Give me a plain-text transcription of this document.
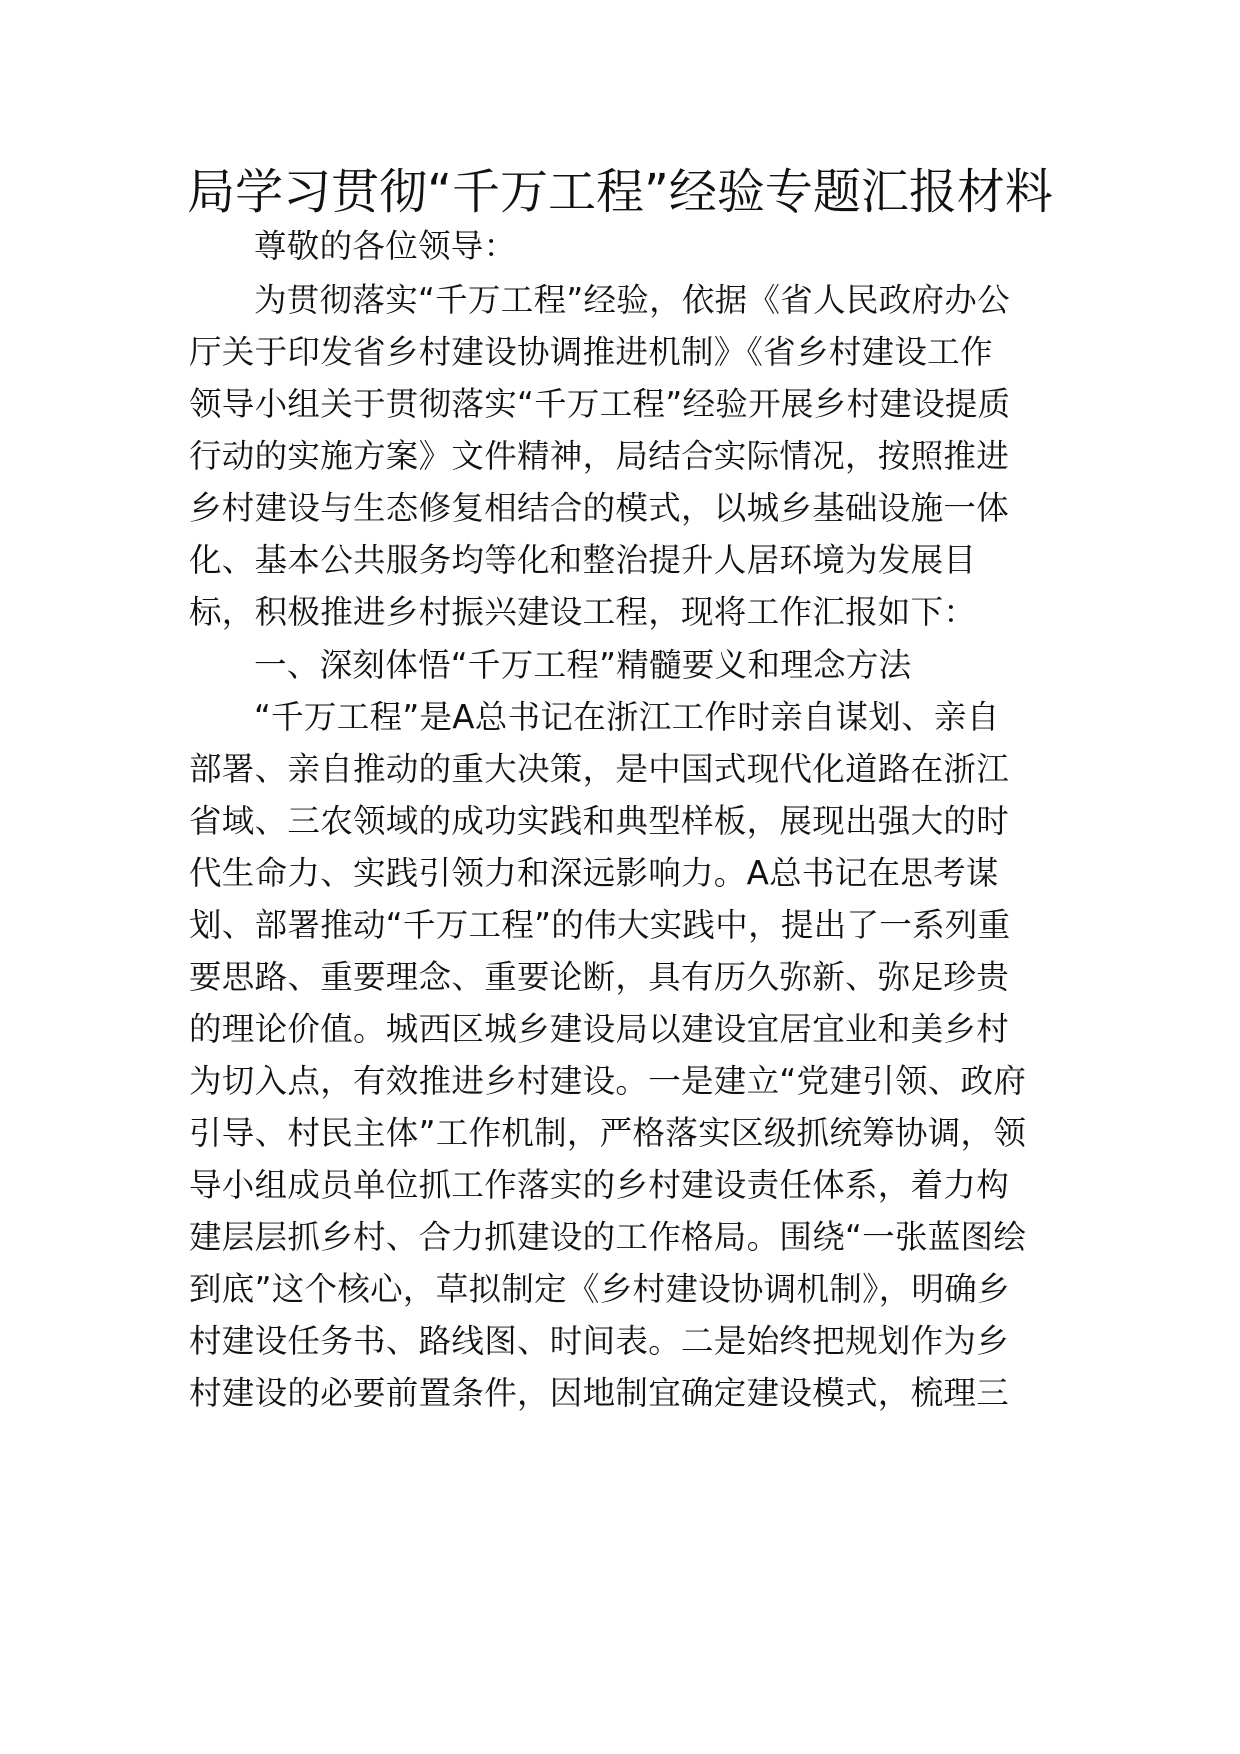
局学习贯彻“千万工程”经验专题汇报材料

尊敬的各位领导：

为贯彻落实“千万工程”经验，依据《省人民政府办公

厅关于印发省乡村建设协调推进机制》《省乡村建设工作

领导小组关于贯彻落实“千万工程”经验开展乡村建设提质

行动的实施方案》文件精神，局结合实际情况，按照推进

乡村建设与生态修复相结合的模式，以城乡基础设施一体

化、基本公共服务均等化和整治提升人居环境为发展目

标，积极推进乡村振兴建设工程，现将工作汇报如下：

一、深刻体悟“千万工程”精髓要义和理念方法

“千万工程”是A总书记在浙江工作时亲自谋划、亲自

部署、亲自推动的重大决策，是中国式现代化道路在浙江

省域、三农领域的成功实践和典型样板，展现出强大的时

代生命力、实践引领力和深远影响力。A总书记在思考谋

划、部署推动“千万工程”的伟大实践中，提出了一系列重

要思路、重要理念、重要论断，具有历久弥新、弥足珍贵

的理论价值。城西区城乡建设局以建设宜居宜业和美乡村

为切入点，有效推进乡村建设。一是建立“党建引领、政府

引导、村民主体”工作机制，严格落实区级抓统筹协调，领

导小组成员单位抓工作落实的乡村建设责任体系，着力构

建层层抓乡村、合力抓建设的工作格局。围绕“一张蓝图绘

到底”这个核心，草拟制定《乡村建设协调机制》，明确乡

村建设任务书、路线图、时间表。二是始终把规划作为乡

村建设的必要前置条件，因地制宜确定建设模式，梳理三
